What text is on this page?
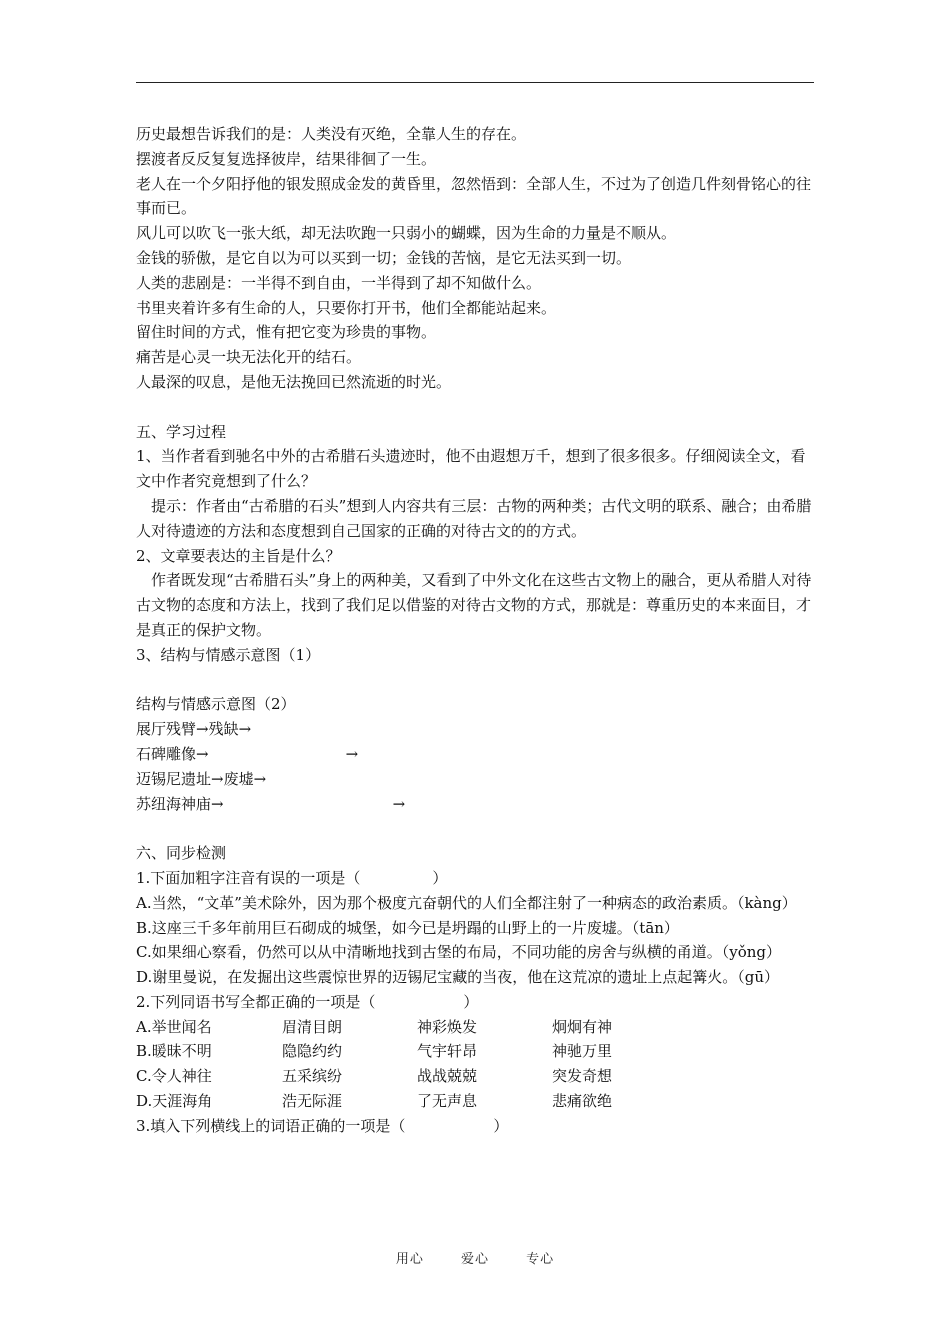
历史最想告诉我们的是：人类没有灭绝，全靠人生的存在。
摆渡者反反复复选择彼岸，结果徘徊了一生。
老人在一个夕阳抒他的银发照成金发的黄昏里，忽然悟到：全部人生，不过为了创造几件刻骨铭心的往事而已。
风儿可以吹飞一张大纸，却无法吹跑一只弱小的蝴蝶，因为生命的力量是不顺从。
金钱的骄傲，是它自以为可以买到一切；金钱的苦恼，是它无法买到一切。
人类的悲剧是：一半得不到自由，一半得到了却不知做什么。
书里夹着许多有生命的人，只要你打开书，他们全都能站起来。
留住时间的方式，惟有把它变为珍贵的事物。
痛苦是心灵一块无法化开的结石。
人最深的叹息，是他无法挽回已然流逝的时光。
五、学习过程
1、当作者看到驰名中外的古希腊石头遗迹时，他不由遐想万千，想到了很多很多。仔细阅读全文，看文中作者究竟想到了什么？
提示：作者由“古希腊的石头”想到人内容共有三层：古物的两种类；古代文明的联系、融合；由希腊人对待遗迹的方法和态度想到自己国家的正确的对待古文的的方式。
2、文章要表达的主旨是什么？
作者既发现“古希腊石头”身上的两种美，又看到了中外文化在这些古文物上的融合，更从希腊人对待古文物的态度和方法上，找到了我们足以借鉴的对待古文物的方式，那就是：尊重历史的本来面目，才是真正的保护文物。
3、结构与情感示意图（1）
结构与情感示意图（2）
展厅残臂→残缺→
石碑雕像→	→
迈锡尼遗址→废墟→
苏纽海神庙→	→
六、同步检测
1.下面加粗字注音有误的一项是（	）
A.当然，“文革”美术除外，因为那个极度亢奋朝代的人们全都注射了一种病态的政治素质。（kàng）
B.这座三千多年前用巨石砌成的城堡，如今已是坍蹋的山野上的一片废墟。（tān）
C.如果细心察看，仍然可以从中清晰地找到古堡的布局，不同功能的房舍与纵横的甬道。（yǒng）
D.谢里曼说，在发掘出这些震惊世界的迈锡尼宝藏的当夜，他在这荒凉的遗址上点起篝火。（gū）
2.下列同语书写全都正确的一项是（	）
A.举世闻名	眉清目朗	神彩焕发	炯炯有神
B.暖昧不明	隐隐约约	气宇轩昂	神驰万里
C.令人神往	五采缤纷	战战兢兢	突发奇想
D.天涯海角	浩无际涯	了无声息	悲痛欲绝
3.填入下列横线上的词语正确的一项是（	）
用心	爱心	专心
